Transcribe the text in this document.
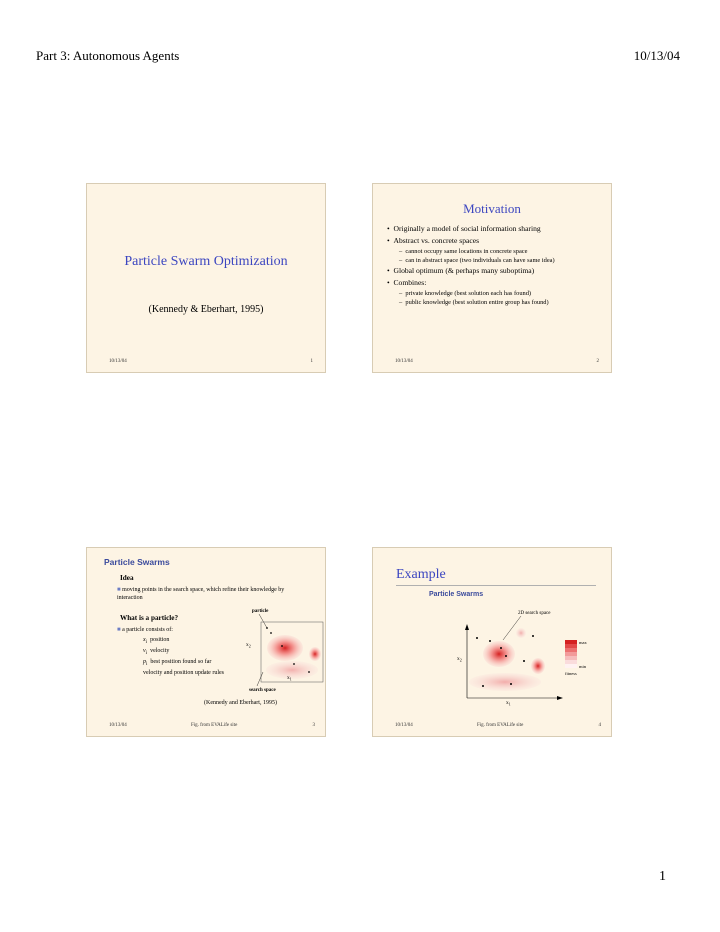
Part 3: Autonomous Agents	10/13/04
Particle Swarm Optimization
(Kennedy & Eberhart, 1995)
10/13/04	1
Motivation
•  Originally a model of social information sharing
•  Abstract vs. concrete spaces
–  cannot occupy same locations in concrete space
–  can in abstract space (two individuals can have same idea)
•  Global optimum (& perhaps many suboptima)
•  Combines:
–  private knowledge (best solution each has found)
–  public knowledge (best solution entire group has found)
10/13/04	2
Particle Swarms
Idea
■ moving points in the search space, which refine their knowledge by interaction
What is a particle?
■ a particle consists of:
$x_i$ position
$v_i$ velocity
$p_i$ best position found so far
velocity and position update rules
particle
$x_2$
$x_1$
search space
(Kennedy and Eberhart, 1995)
10/13/04	Fig. from EVALife site	3
Example
Particle Swarms
2D search space
$x_2$
$x_1$
max
min
fitness
10/13/04	Fig. from EVALife site	4
1
